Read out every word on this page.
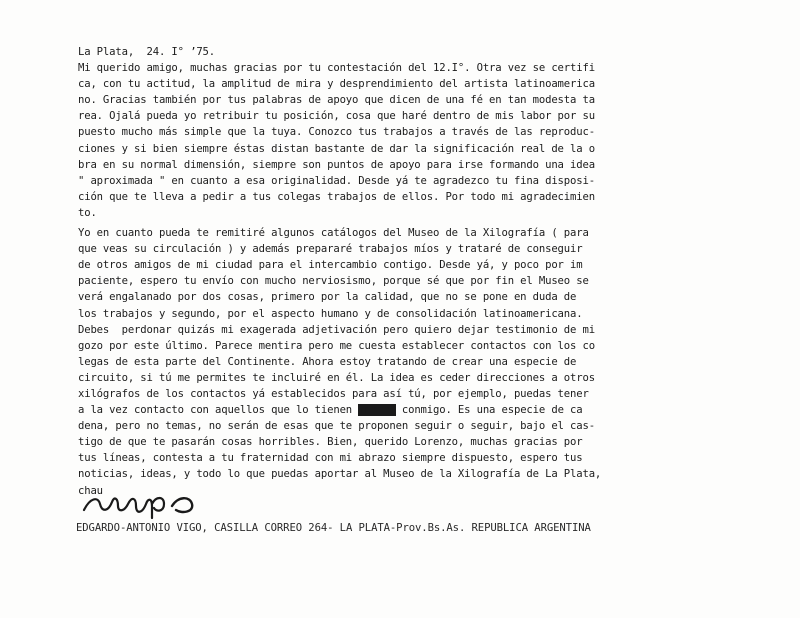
La Plata,  24. I° ’75.
Mi querido amigo, muchas gracias por tu contestación del 12.I°. Otra vez se certifi
ca, con tu actitud, la amplitud de mira y desprendimiento del artista latinoamerica
no. Gracias también por tus palabras de apoyo que dicen de una fé en tan modesta ta
rea. Ojalá pueda yo retribuir tu posición, cosa que haré dentro de mis labor por su
puesto mucho más simple que la tuya. Conozco tus trabajos a través de las reproduc-
ciones y si bien siempre éstas distan bastante de dar la significación real de la o
bra en su normal dimensión, siempre son puntos de apoyo para irse formando una idea
" aproximada " en cuanto a esa originalidad. Desde yá te agradezco tu fina disposi-
ción que te lleva a pedir a tus colegas trabajos de ellos. Por todo mi agradecimien
to.
Yo en cuanto pueda te remitiré algunos catálogos del Museo de la Xilografía ( para
que veas su circulación ) y además prepararé trabajos míos y trataré de conseguir
de otros amigos de mi ciudad para el intercambio contigo. Desde yá, y poco por im
paciente, espero tu envío con mucho nerviosismo, porque sé que por fin el Museo se
verá engalanado por dos cosas, primero por la calidad, que no se pone en duda de
los trabajos y segundo, por el aspecto humano y de consolidación latinoamericana.
Debes  perdonar quizás mi exagerada adjetivación pero quiero dejar testimonio de mi
gozo por este último. Parece mentira pero me cuesta establecer contactos con los co
legas de esta parte del Continente. Ahora estoy tratando de crear una especie de
circuito, si tú me permites te incluiré en él. La idea es ceder direcciones a otros
xilógrafos de los contactos yá establecidos para así tú, por ejemplo, puedas tener
a la vez contacto con aquellos que lo tienen mmmmmm conmigo. Es una especie de ca
dena, pero no temas, no serán de esas que te proponen seguir o seguir, bajo el cas-
tigo de que te pasarán cosas horribles. Bien, querido Lorenzo, muchas gracias por
tus líneas, contesta a tu fraternidad con mi abrazo siempre dispuesto, espero tus
noticias, ideas, y todo lo que puedas aportar al Museo de la Xilografía de La Plata,
chau
EDGARDO-ANTONIO VIGO, CASILLA CORREO 264- LA PLATA-Prov.Bs.As. REPUBLICA ARGENTINA
